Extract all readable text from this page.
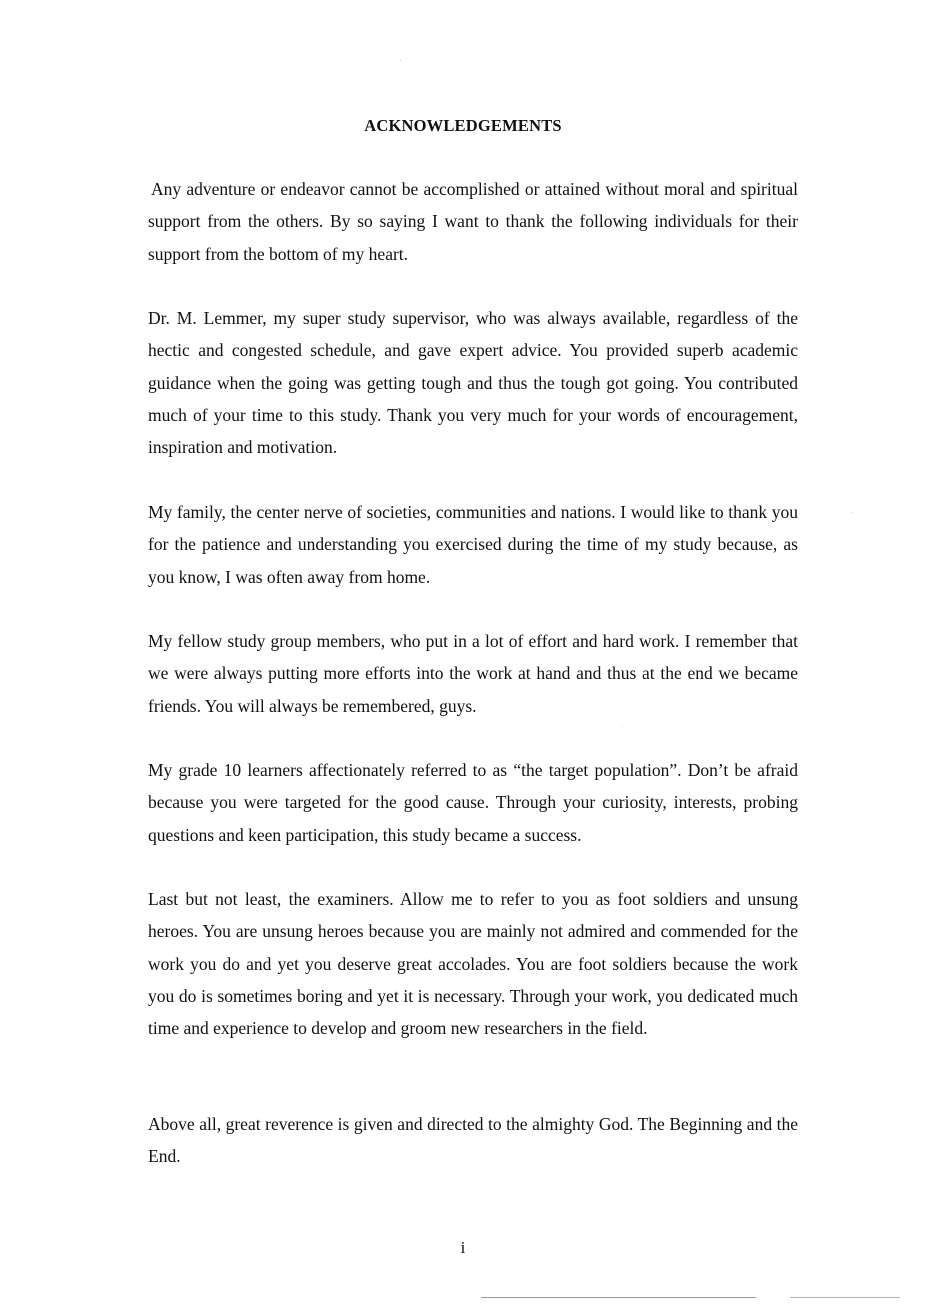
ACKNOWLEDGEMENTS

Any adventure or endeavor cannot be accomplished or attained without moral and spiritual support from the others. By so saying I want to thank the following individuals for their support from the bottom of my heart.

Dr. M. Lemmer, my super study supervisor, who was always available, regardless of the hectic and congested schedule, and gave expert advice. You provided superb academic guidance when the going was getting tough and thus the tough got going. You contributed much of your time to this study. Thank you very much for your words of encouragement, inspiration and motivation.

My family, the center nerve of societies, communities and nations. I would like to thank you for the patience and understanding you exercised during the time of my study because, as you know, I was often away from home.

My fellow study group members, who put in a lot of effort and hard work. I remember that we were always putting more efforts into the work at hand and thus at the end we became friends. You will always be remembered, guys.

My grade 10 learners affectionately referred to as “the target population”. Don’t be afraid because you were targeted for the good cause. Through your curiosity, interests, probing questions and keen participation, this study became a success.

Last but not least, the examiners. Allow me to refer to you as foot soldiers and unsung heroes. You are unsung heroes because you are mainly not admired and commended for the work you do and yet you deserve great accolades. You are foot soldiers because the work you do is sometimes boring and yet it is necessary. Through your work, you dedicated much time and experience to develop and groom new researchers in the field.

Above all, great reverence is given and directed to the almighty God. The Beginning and the End.

i
